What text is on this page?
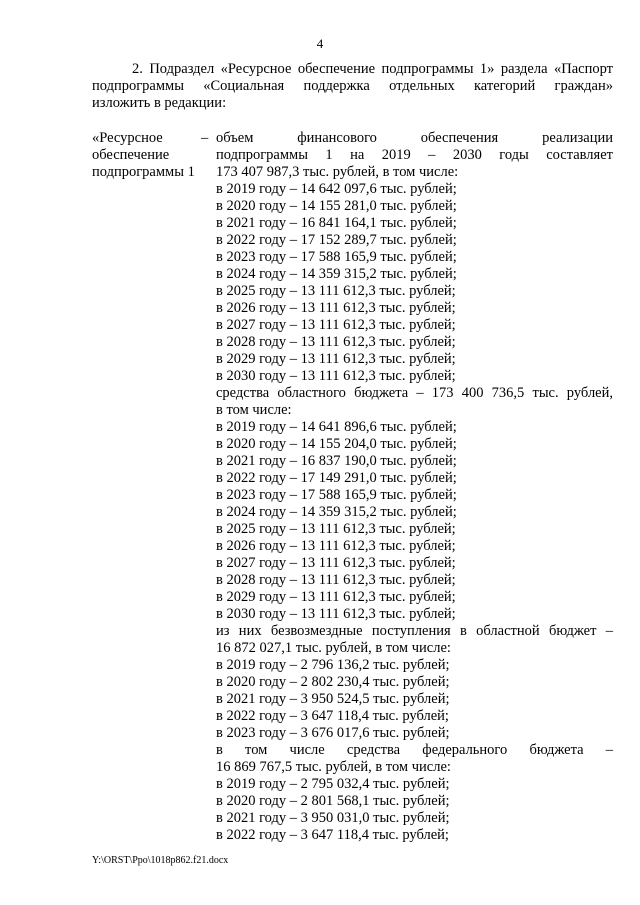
4
2. Подраздел «Ресурсное обеспечение подпрограммы 1» раздела «Паспорт
подпрограммы «Социальная поддержка отдельных категорий граждан»
изложить в редакции:
«Ресурсное
обеспечение
подпрограммы 1
– объем финансового обеспечения реализации
подпрограммы 1 на 2019 – 2030 годы составляет
173 407 987,3 тыс. рублей, в том числе:
в 2019 году – 14 642 097,6 тыс. рублей;
в 2020 году – 14 155 281,0 тыс. рублей;
в 2021 году – 16 841 164,1 тыс. рублей;
в 2022 году – 17 152 289,7 тыс. рублей;
в 2023 году – 17 588 165,9 тыс. рублей;
в 2024 году – 14 359 315,2 тыс. рублей;
в 2025 году – 13 111 612,3 тыс. рублей;
в 2026 году – 13 111 612,3 тыс. рублей;
в 2027 году – 13 111 612,3 тыс. рублей;
в 2028 году – 13 111 612,3 тыс. рублей;
в 2029 году – 13 111 612,3 тыс. рублей;
в 2030 году – 13 111 612,3 тыс. рублей;
средства областного бюджета – 173 400 736,5 тыс. рублей,
в том числе:
в 2019 году – 14 641 896,6 тыс. рублей;
в 2020 году – 14 155 204,0 тыс. рублей;
в 2021 году – 16 837 190,0 тыс. рублей;
в 2022 году – 17 149 291,0 тыс. рублей;
в 2023 году – 17 588 165,9 тыс. рублей;
в 2024 году – 14 359 315,2 тыс. рублей;
в 2025 году – 13 111 612,3 тыс. рублей;
в 2026 году – 13 111 612,3 тыс. рублей;
в 2027 году – 13 111 612,3 тыс. рублей;
в 2028 году – 13 111 612,3 тыс. рублей;
в 2029 году – 13 111 612,3 тыс. рублей;
в 2030 году – 13 111 612,3 тыс. рублей;
из них безвозмездные поступления в областной бюджет –
16 872 027,1 тыс. рублей, в том числе:
в 2019 году – 2 796 136,2 тыс. рублей;
в 2020 году – 2 802 230,4 тыс. рублей;
в 2021 году – 3 950 524,5 тыс. рублей;
в 2022 году – 3 647 118,4 тыс. рублей;
в 2023 году – 3 676 017,6 тыс. рублей;
в том числе средства федерального бюджета –
16 869 767,5 тыс. рублей, в том числе:
в 2019 году – 2 795 032,4 тыс. рублей;
в 2020 году – 2 801 568,1 тыс. рублей;
в 2021 году – 3 950 031,0 тыс. рублей;
в 2022 году – 3 647 118,4 тыс. рублей;
Y:\ORST\Ppo\1018p862.f21.docx
